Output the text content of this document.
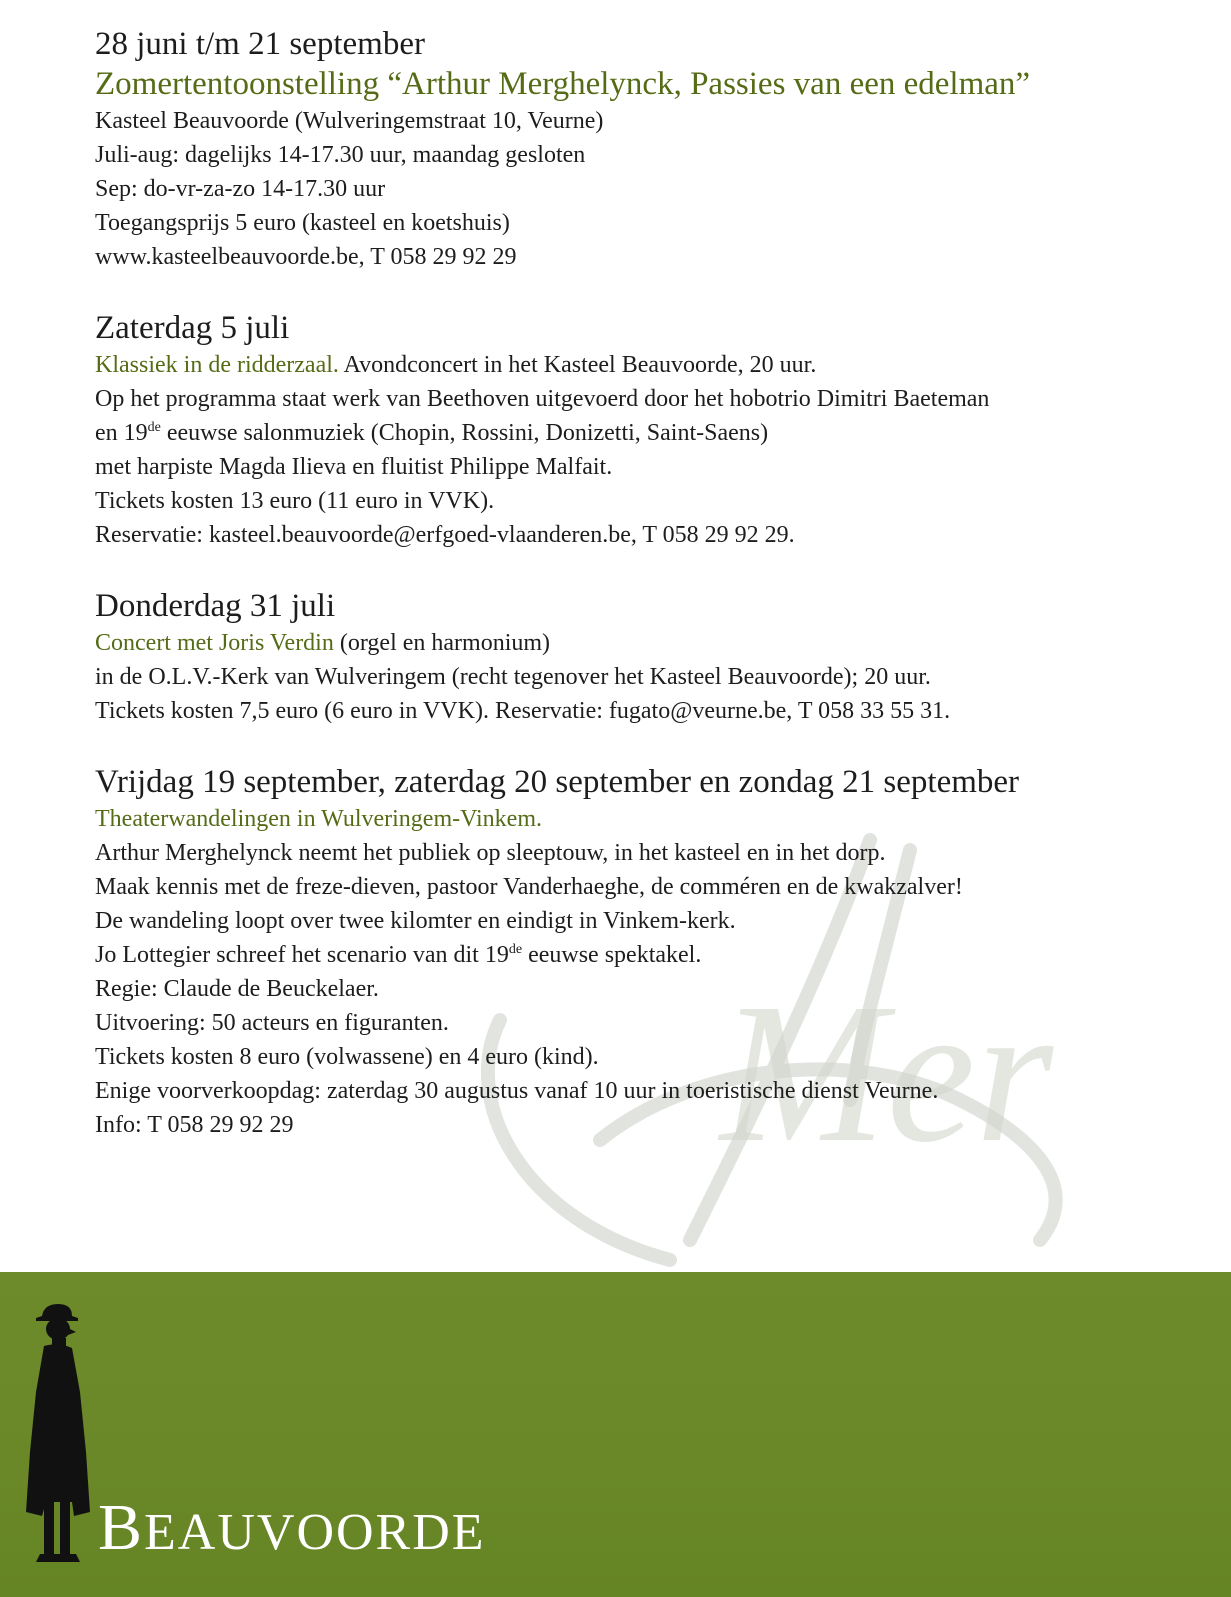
Mer
28 juni t/m 21 september
Zomertentoonstelling “Arthur Merghelynck, Passies van een edelman”
Kasteel Beauvoorde (Wulveringemstraat 10, Veurne)
Juli-aug: dagelijks 14-17.30 uur, maandag gesloten
Sep: do-vr-za-zo 14-17.30 uur
Toegangsprijs 5 euro (kasteel en koetshuis)
www.kasteelbeauvoorde.be, T 058 29 92 29
Zaterdag 5 juli
Klassiek in de ridderzaal. Avondconcert in het Kasteel Beauvoorde, 20 uur.
Op het programma staat werk van Beethoven uitgevoerd door het hobotrio Dimitri Baeteman
en 19de eeuwse salonmuziek (Chopin, Rossini, Donizetti, Saint-Saens)
met harpiste Magda Ilieva en fluitist Philippe Malfait.
Tickets kosten 13 euro (11 euro in VVK).
Reservatie: kasteel.beauvoorde@erfgoed-vlaanderen.be, T 058 29 92 29.
Donderdag 31 juli
Concert met Joris Verdin (orgel en harmonium)
in de O.L.V.-Kerk van Wulveringem (recht tegenover het Kasteel Beauvoorde); 20 uur.
Tickets kosten 7,5 euro (6 euro in VVK). Reservatie: fugato@veurne.be, T 058 33 55 31.
Vrijdag 19 september, zaterdag 20 september en zondag 21 september
Theaterwandelingen in Wulveringem-Vinkem.
Arthur Merghelynck neemt het publiek op sleeptouw, in het kasteel en in het dorp.
Maak kennis met de freze-dieven, pastoor Vanderhaeghe, de comméren en de kwakzalver!
De wandeling loopt over twee kilomter en eindigt in Vinkem-kerk.
Jo Lottegier schreef het scenario van dit 19de eeuwse spektakel.
Regie: Claude de Beuckelaer.
Uitvoering: 50 acteurs en figuranten.
Tickets kosten 8 euro (volwassene) en 4 euro (kind).
Enige voorverkoopdag: zaterdag 30 augustus vanaf 10 uur in toeristische dienst Veurne.
Info: T 058 29 92 29
BEAUVOORDE
